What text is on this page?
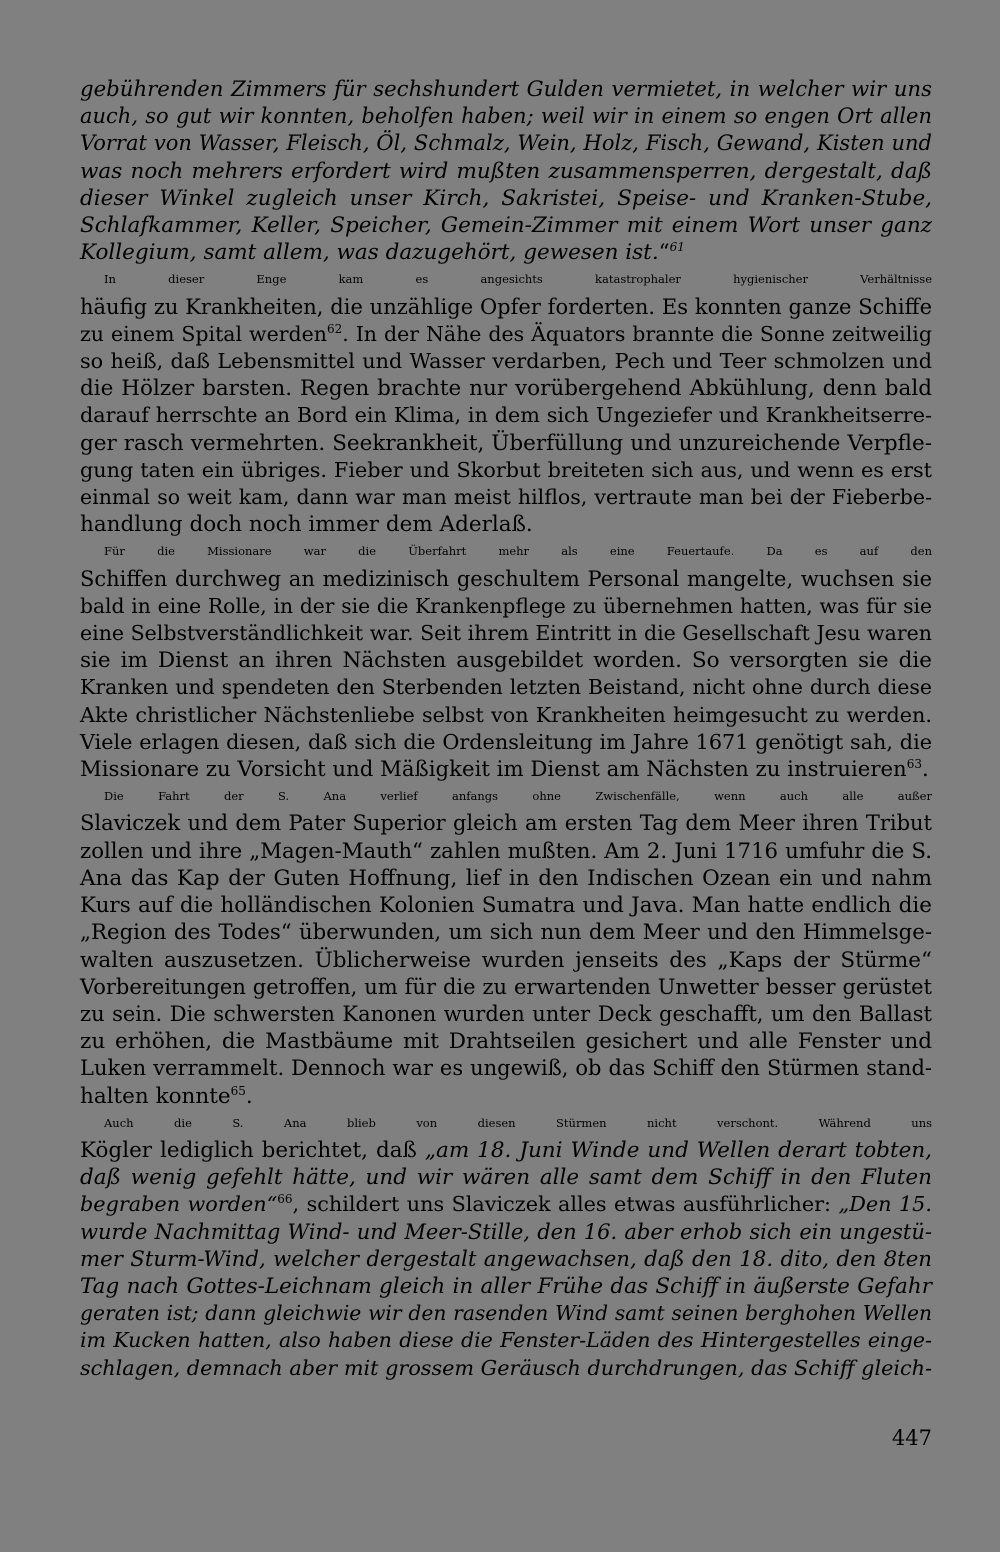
gebührenden Zimmers für sechshundert Gulden vermietet, in welcher wir uns
auch, so gut wir konnten, beholfen haben; weil wir in einem so engen Ort allen
Vorrat von Wasser, Fleisch, Öl, Schmalz, Wein, Holz, Fisch, Gewand, Kisten und
was noch mehrers erfordert wird mußten zusammensperren, dergestalt, daß
dieser Winkel zugleich unser Kirch, Sakristei, Speise- und Kranken-Stube,
Schlafkammer, Keller, Speicher, Gemein-Zimmer mit einem Wort unser ganz
Kollegium, samt allem, was dazugehört, gewesen ist.“$^{61}$

In dieser Enge kam es angesichts katastrophaler hygienischer Verhältnisse
häufig zu Krankheiten, die unzählige Opfer forderten. Es konnten ganze Schiffe
zu einem Spital werden$^{62}$. In der Nähe des Äquators brannte die Sonne zeitweilig
so heiß, daß Lebensmittel und Wasser verdarben, Pech und Teer schmolzen und
die Hölzer barsten. Regen brachte nur vorübergehend Abkühlung, denn bald
darauf herrschte an Bord ein Klima, in dem sich Ungeziefer und Krankheitserre-
ger rasch vermehrten. Seekrankheit, Überfüllung und unzureichende Verpfle-
gung taten ein übriges. Fieber und Skorbut breiteten sich aus, und wenn es erst
einmal so weit kam, dann war man meist hilflos, vertraute man bei der Fieberbe-
handlung doch noch immer dem Aderlaß.

Für die Missionare war die Überfahrt mehr als eine Feuertaufe. Da es auf den
Schiffen durchweg an medizinisch geschultem Personal mangelte, wuchsen sie
bald in eine Rolle, in der sie die Krankenpflege zu übernehmen hatten, was für sie
eine Selbstverständlichkeit war. Seit ihrem Eintritt in die Gesellschaft Jesu waren
sie im Dienst an ihren Nächsten ausgebildet worden. So versorgten sie die
Kranken und spendeten den Sterbenden letzten Beistand, nicht ohne durch diese
Akte christlicher Nächstenliebe selbst von Krankheiten heimgesucht zu werden.
Viele erlagen diesen, daß sich die Ordensleitung im Jahre 1671 genötigt sah, die
Missionare zu Vorsicht und Mäßigkeit im Dienst am Nächsten zu instruieren$^{63}$.

Die Fahrt der S. Ana verlief anfangs ohne Zwischenfälle, wenn auch alle außer
Slaviczek und dem Pater Superior gleich am ersten Tag dem Meer ihren Tribut
zollen und ihre „Magen-Mauth“ zahlen mußten. Am 2. Juni 1716 umfuhr die S.
Ana das Kap der Guten Hoffnung, lief in den Indischen Ozean ein und nahm
Kurs auf die holländischen Kolonien Sumatra und Java. Man hatte endlich die
„Region des Todes“ überwunden, um sich nun dem Meer und den Himmelsge-
walten auszusetzen. Üblicherweise wurden jenseits des „Kaps der Stürme“
Vorbereitungen getroffen, um für die zu erwartenden Unwetter besser gerüstet
zu sein. Die schwersten Kanonen wurden unter Deck geschafft, um den Ballast
zu erhöhen, die Mastbäume mit Drahtseilen gesichert und alle Fenster und
Luken verrammelt. Dennoch war es ungewiß, ob das Schiff den Stürmen stand-
halten konnte$^{65}$.

Auch die S. Ana blieb von diesen Stürmen nicht verschont. Während uns
Kögler lediglich berichtet, daß „am 18. Juni Winde und Wellen derart tobten,
daß wenig gefehlt hätte, und wir wären alle samt dem Schiff in den Fluten
begraben worden“$^{66}$, schildert uns Slaviczek alles etwas ausführlicher: „Den 15.
wurde Nachmittag Wind- und Meer-Stille, den 16. aber erhob sich ein ungestü-
mer Sturm-Wind, welcher dergestalt angewachsen, daß den 18. dito, den 8ten
Tag nach Gottes-Leichnam gleich in aller Frühe das Schiff in äußerste Gefahr
geraten ist; dann gleichwie wir den rasenden Wind samt seinen berghohen Wellen
im Kucken hatten, also haben diese die Fenster-Läden des Hintergestelles einge-
schlagen, demnach aber mit grossem Geräusch durchdrungen, das Schiff gleich-

447
